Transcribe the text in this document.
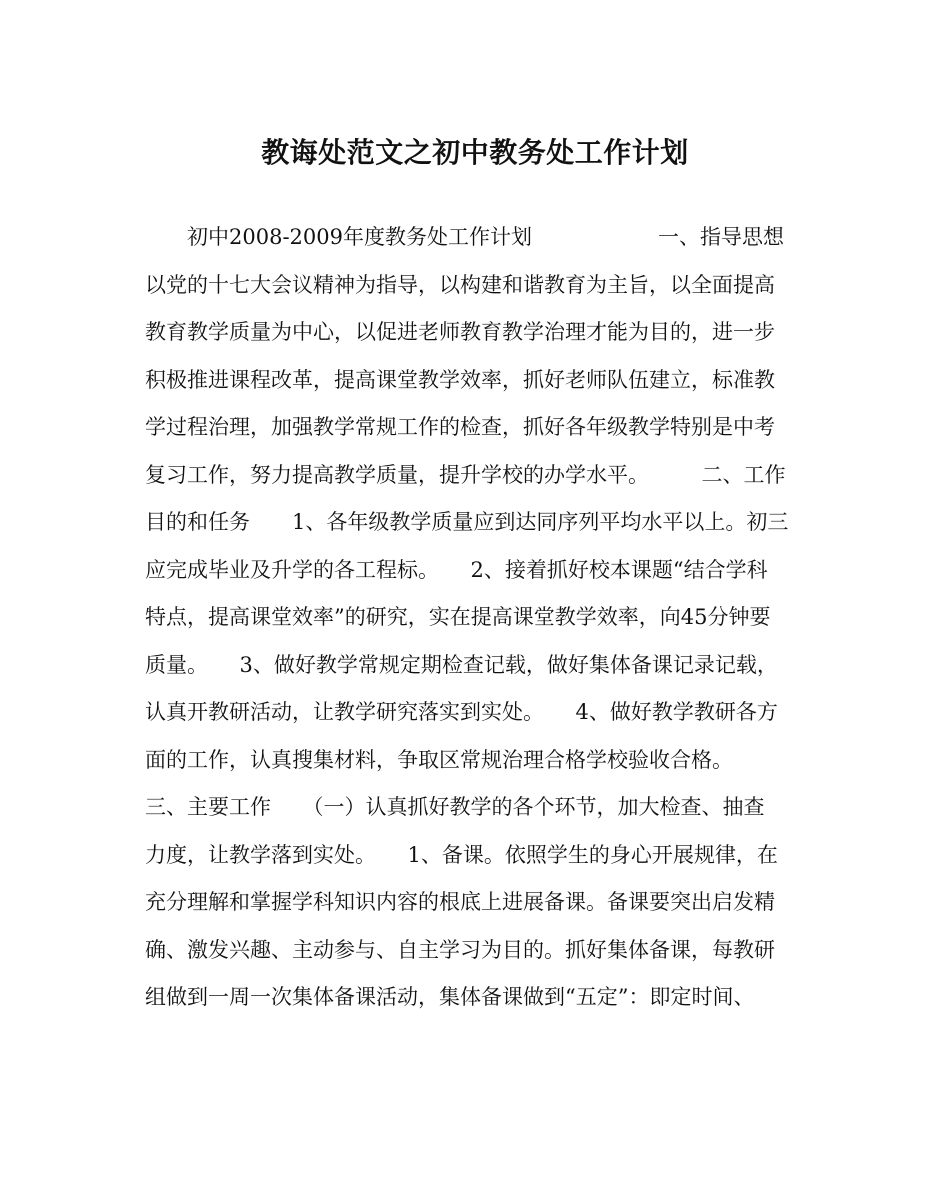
教诲处范文之初中教务处工作计划
　　初中2008-2009年度教务处工作计划　　　　　　一、指导思想
以党的十七大会议精神为指导，以构建和谐教育为主旨，以全面提高
教育教学质量为中心，以促进老师教育教学治理才能为目的，进一步
积极推进课程改革，提高课堂教学效率，抓好老师队伍建立，标准教
学过程治理，加强教学常规工作的检查，抓好各年级教学特别是中考
复习工作，努力提高教学质量，提升学校的办学水平。　　　二、工作
目的和任务　　1、各年级教学质量应到达同序列平均水平以上。初三
应完成毕业及升学的各工程标。　　2、接着抓好校本课题“结合学科
特点，提高课堂效率”的研究，实在提高课堂教学效率，向45分钟要
质量。　　3、做好教学常规定期检查记载，做好集体备课记录记载，
认真开教研活动，让教学研究落实到实处。　　4、做好教学教研各方
面的工作，认真搜集材料，争取区常规治理合格学校验收合格。
三、主要工作　　（一）认真抓好教学的各个环节，加大检查、抽查
力度，让教学落到实处。　　1、备课。依照学生的身心开展规律，在
充分理解和掌握学科知识内容的根底上进展备课。备课要突出启发精
确、激发兴趣、主动参与、自主学习为目的。抓好集体备课，每教研
组做到一周一次集体备课活动，集体备课做到“五定”：即定时间、
